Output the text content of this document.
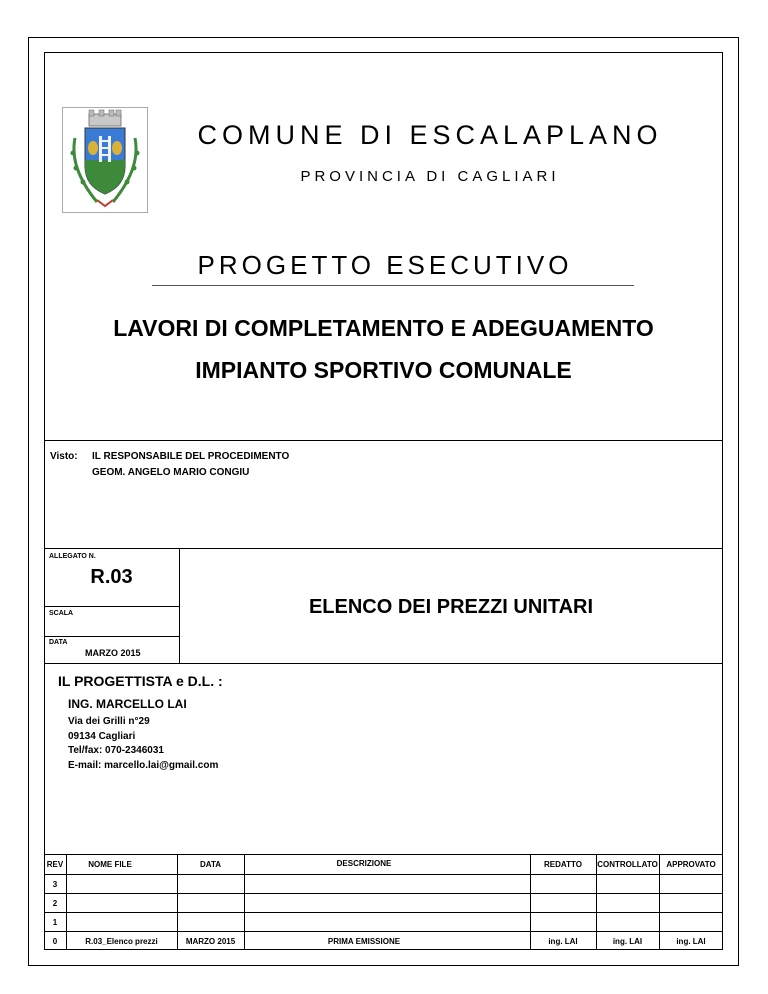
COMUNE DI ESCALAPLANO
PROVINCIA DI CAGLIARI
PROGETTO ESECUTIVO
LAVORI DI COMPLETAMENTO E ADEGUAMENTO
IMPIANTO SPORTIVO COMUNALE
Visto: IL RESPONSABILE DEL PROCEDIMENTO
GEOM. ANGELO MARIO CONGIU
ALLEGATO N.
R.03
SCALA
DATA
MARZO 2015
ELENCO DEI PREZZI UNITARI
IL PROGETTISTA e D.L. :
ING. MARCELLO LAI
Via dei Grilli n°29
09134 Cagliari
Tel/fax: 070-2346031
E-mail: marcello.lai@gmail.com
REV	NOME FILE	DATA	DESCRIZIONE	REDATTO	CONTROLLATO	APPROVATO
3
2
1
0	R.03_Elenco prezzi	MARZO 2015	PRIMA EMISSIONE	ing. LAI	ing. LAI	ing. LAI
